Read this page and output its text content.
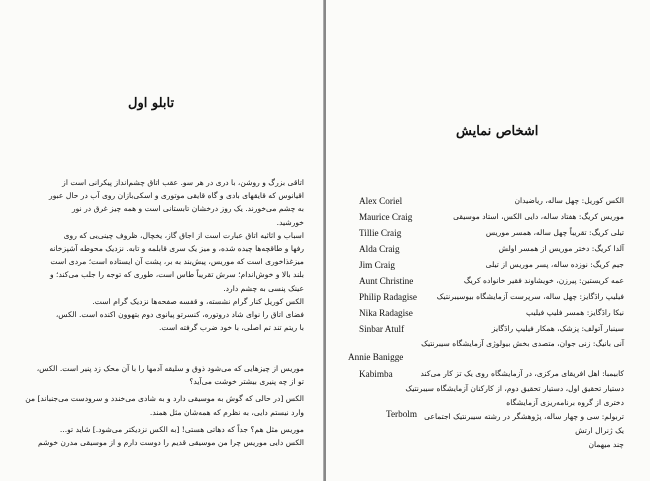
تابلو اول
اتاقی بزرگ و روشن، با دری در هر سو. عقب اتاق چشم‌انداز پیکرانی است از
اقیانوس که قایقهای بادی و گاه قایقی موتوری و اسکی‌بازان روی آب در حال عبور
به چشم می‌خورند. یک روز درخشان تابستانی است و همه چیز غرق در نور
خورشید.
اسباب و اثاثیه اتاق عبارت است از اجاق گاز، یخچال، ظروف چینی‌یی که روی
رفها و طاقچه‌ها چیده شده، و میز یک سری قابلمه و تابه. نزدیک محوطه آشپزخانه
میزغذاخوری است که موریس، پیش‌بند به بر، پشت آن ایستاده است؛ مردی است
بلند بالا و خوش‌اندام؛ سرش تقریباً طاس است، طوری که توجه را جلب می‌کند؛ و
عینک پنسی به چشم دارد.
الکس کوریل کنار گرام نشسته، و قفسه صفحه‌ها نزدیک گرام است.
فضای اتاق را نوای شاد دروتوره، کنسرتو پیانوی دوم بتهوون اکنده است. الکس،
با ریتم تند تم اصلی، با خود ضرب گرفته است.
موریس از چیزهایی که می‌شود ذوق و سلیقه آدمها را با آن محک زد پنیر است. الکس،
تو از چه پنیری بیشتر خوشت می‌آید؟
الکس [در حالی که گوش به موسیقی دارد و به شادی می‌خندد و سرودست می‌جنباند] من
وارد نیستم دایی، به نظرم که همه‌شان مثل همند.
موریس مثل هم؟ جداً که دهاتی هستی! [به الکس نزدیکتر می‌شود.] شاید تو...
الکس دایی موریس چرا من موسیقی قدیم را دوست دارم و از موسیقی مدرن خوشم
اشخاص نمایش
الکس کوریل: چهل ساله، ریاضیدان
Alex Coriel
موریس کریگ: هفتاد ساله، دایی الکس، استاد موسیقی
Maurice Craig
تیلی کریگ: تقریباً چهل ساله، همسر موریس
Tillie Craig
آلدا کریگ: دختر موریس از همسر اولش
Alda Craig
جیم کریگ: نوزده ساله، پسر موریس از تیلی
Jim Craig
عمه کریستین: پیرزن، خویشاوند فقیر خانواده کریگ
Aunt Christine
فیلیپ رادَگایز: چهل ساله، سرپرست آزمایشگاه بیوسیبرنتیک
Philip Radagise
نیکا رادَگایز: همسر فلیپ فیلیپ
Nika Radagise
سینبار آتولف: پزشک، همکار فیلیپ رادَگایز
Sinbar Atulf
آنی بانیگ: زنی جوان، متصدی بخش بیولوژی آزمایشگاه سیبرنتیک
Annie Banigge
کابیمبا: اهل افریقای مرکزی، در آزمایشگاه روی یک تز کار می‌کند
Kabimba
دستیار تحقیق اول، دستیار تحقیق دوم، از کارکنان آزمایشگاه سیبرنتیک
دختری از گروه برنامه‌ریزی آزمایشگاه
تربولم: سی و چهار ساله، پژوهشگر در رشته سیبرنتیک اجتماعی
Terbolm
یک ژنرال ارتش
چند میهمان
